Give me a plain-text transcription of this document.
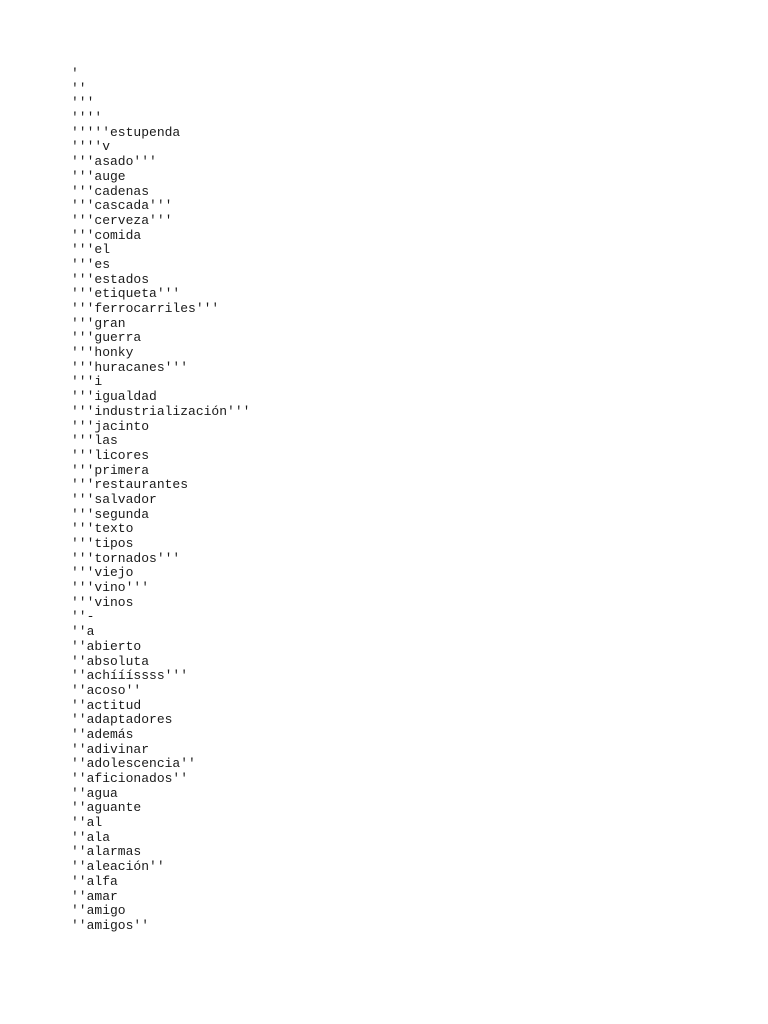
'
''
'''
''''
'''''estupenda
''''v
'''asado'''
'''auge
'''cadenas
'''cascada'''
'''cerveza'''
'''comida
'''el
'''es
'''estados
'''etiqueta'''
'''ferrocarriles'''
'''gran
'''guerra
'''honky
'''huracanes'''
'''i
'''igualdad
'''industrialización'''
'''jacinto
'''las
'''licores
'''primera
'''restaurantes
'''salvador
'''segunda
'''texto
'''tipos
'''tornados'''
'''viejo
'''vino'''
'''vinos
''-
''a
''abierto
''absoluta
''achíííssss'''
''acoso''
''actitud
''adaptadores
''además
''adivinar
''adolescencia''
''aficionados''
''agua
''aguante
''al
''ala
''alarmas
''aleación''
''alfa
''amar
''amigo
''amigos''
